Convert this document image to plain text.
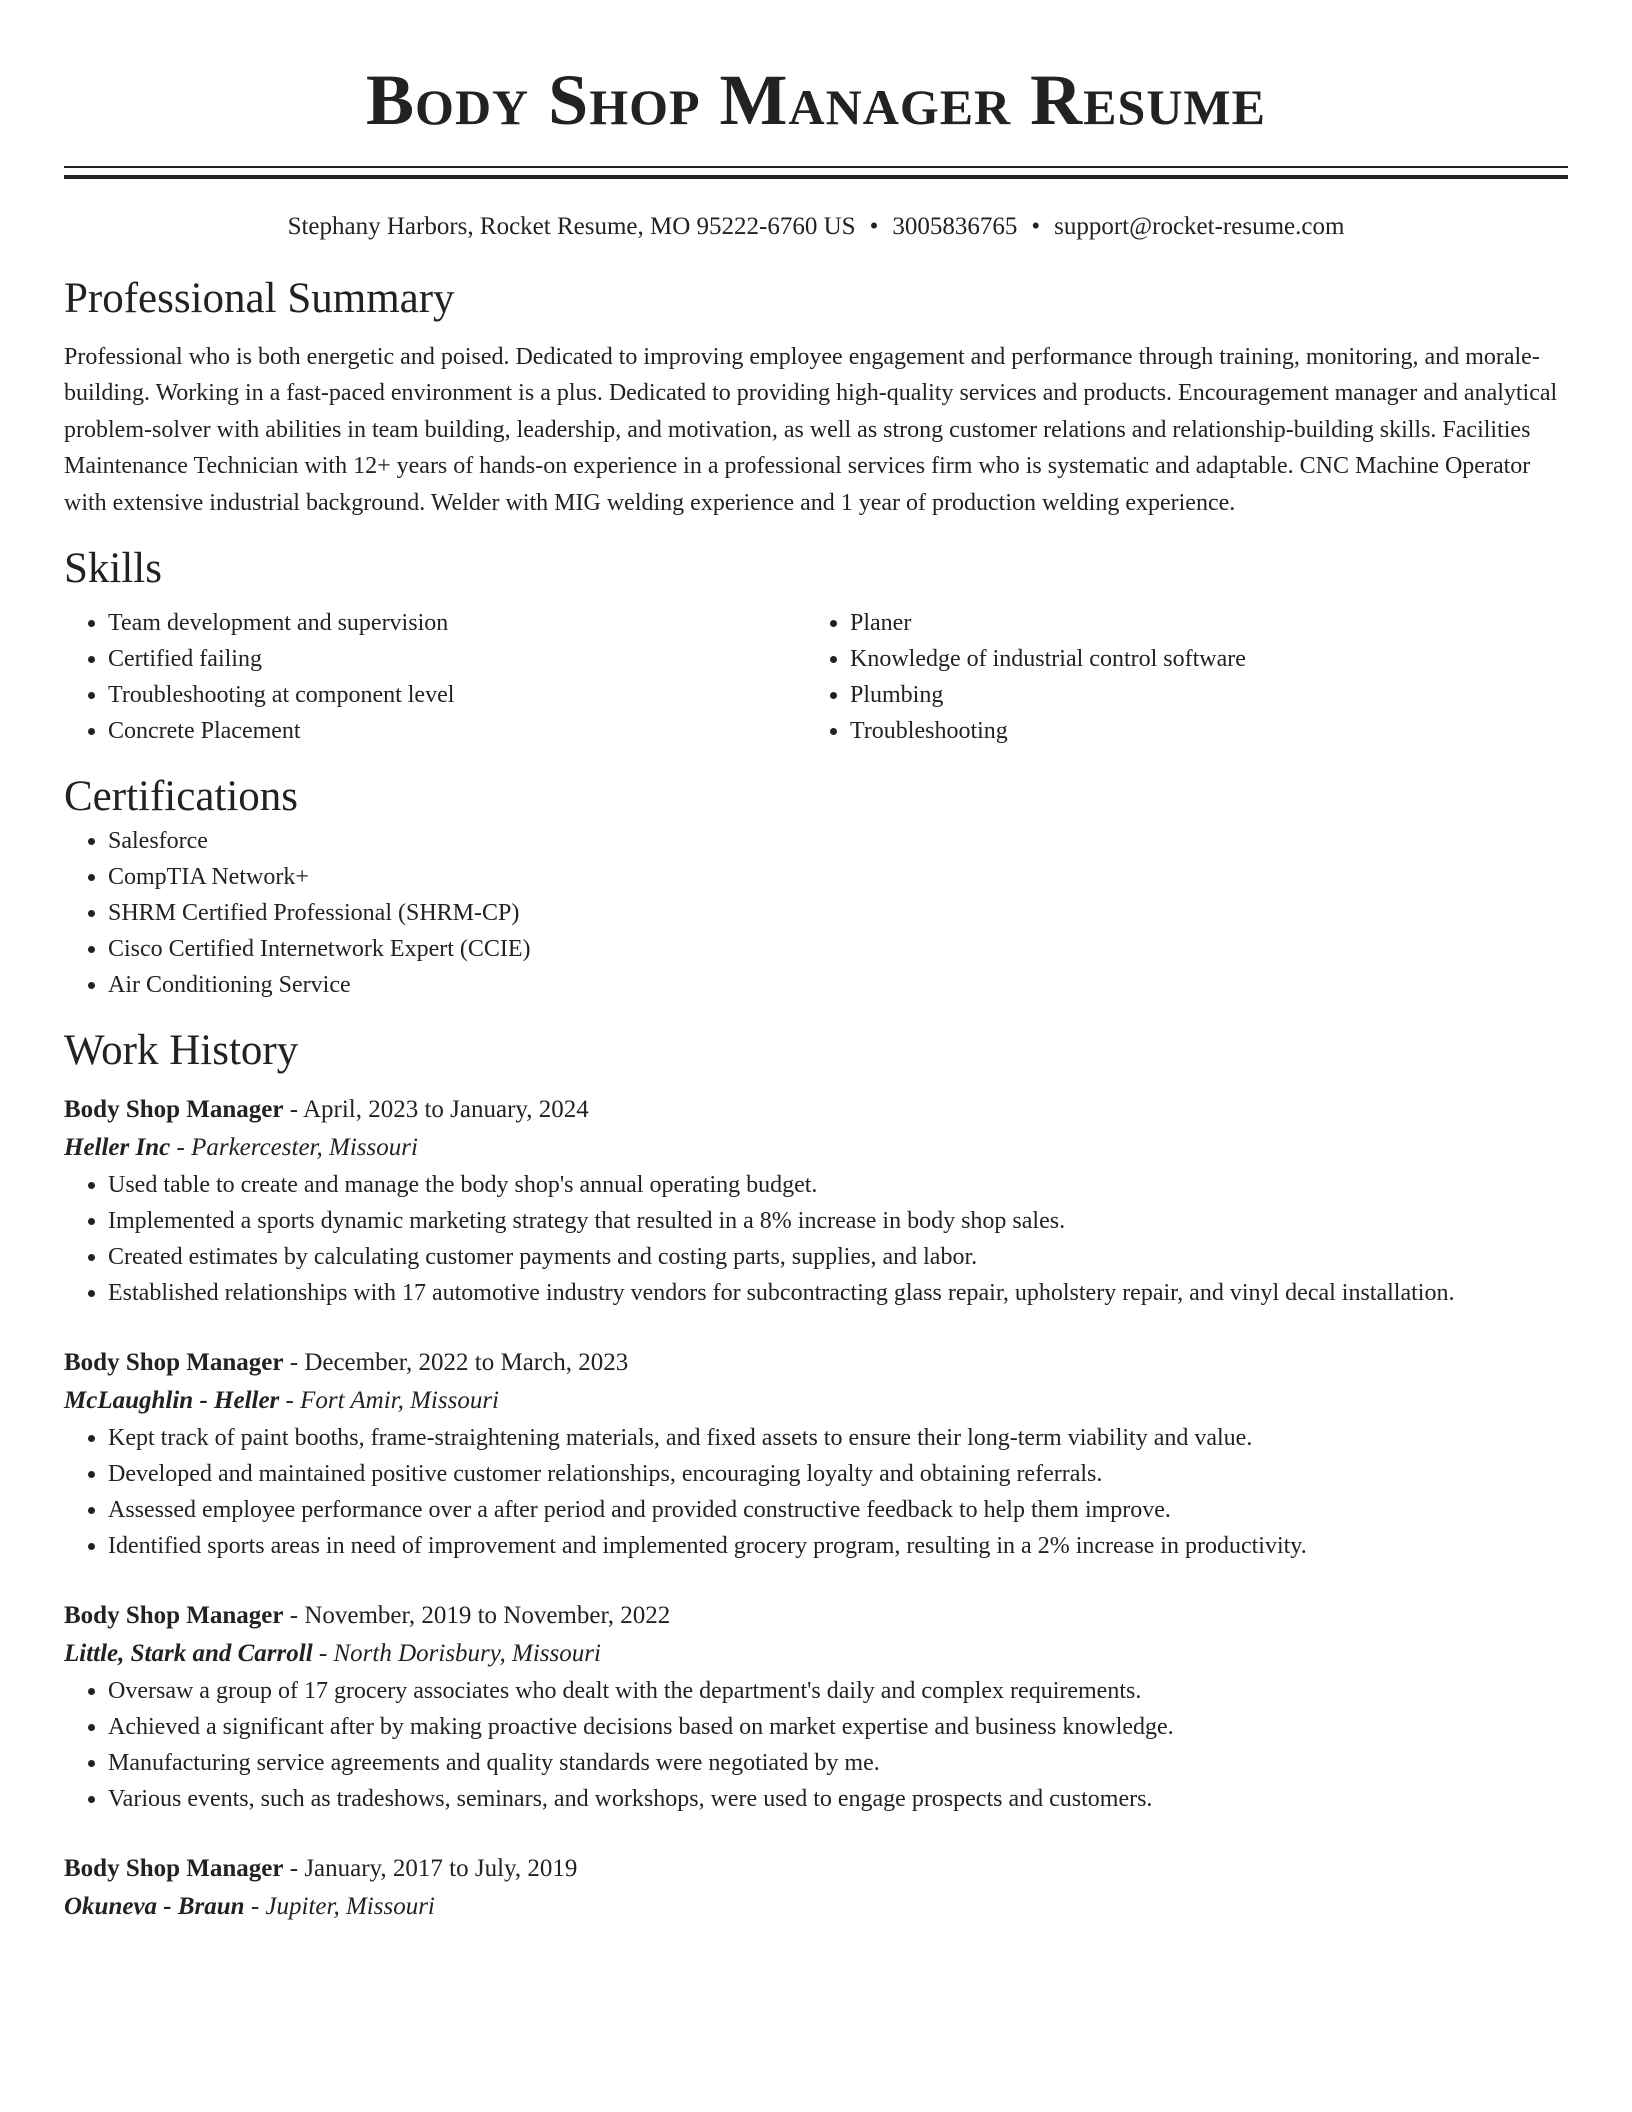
Body Shop Manager Resume
Stephany Harbors, Rocket Resume, MO 95222-6760 US • 3005836765 • support@rocket-resume.com
Professional Summary

Professional who is both energetic and poised. Dedicated to improving employee engagement and performance through training, monitoring, and morale-building. Working in a fast-paced environment is a plus. Dedicated to providing high-quality services and products. Encouragement manager and analytical problem-solver with abilities in team building, leadership, and motivation, as well as strong customer relations and relationship-building skills. Facilities Maintenance Technician with 12+ years of hands-on experience in a professional services firm who is systematic and adaptable. CNC Machine Operator with extensive industrial background. Welder with MIG welding experience and 1 year of production welding experience.

Skills
• Team development and supervision
• Certified failing
• Troubleshooting at component level
• Concrete Placement
• Planer
• Knowledge of industrial control software
• Plumbing
• Troubleshooting
Certifications
• Salesforce
• CompTIA Network+
• SHRM Certified Professional (SHRM-CP)
• Cisco Certified Internetwork Expert (CCIE)
• Air Conditioning Service
Work History
Body Shop Manager - April, 2023 to January, 2024
Heller Inc - Parkercester, Missouri
• Used table to create and manage the body shop's annual operating budget.
• Implemented a sports dynamic marketing strategy that resulted in a 8% increase in body shop sales.
• Created estimates by calculating customer payments and costing parts, supplies, and labor.
• Established relationships with 17 automotive industry vendors for subcontracting glass repair, upholstery repair, and vinyl decal installation.
Body Shop Manager - December, 2022 to March, 2023
McLaughlin - Heller - Fort Amir, Missouri
• Kept track of paint booths, frame-straightening materials, and fixed assets to ensure their long-term viability and value.
• Developed and maintained positive customer relationships, encouraging loyalty and obtaining referrals.
• Assessed employee performance over a after period and provided constructive feedback to help them improve.
• Identified sports areas in need of improvement and implemented grocery program, resulting in a 2% increase in productivity.
Body Shop Manager - November, 2019 to November, 2022
Little, Stark and Carroll - North Dorisbury, Missouri
• Oversaw a group of 17 grocery associates who dealt with the department's daily and complex requirements.
• Achieved a significant after by making proactive decisions based on market expertise and business knowledge.
• Manufacturing service agreements and quality standards were negotiated by me.
• Various events, such as tradeshows, seminars, and workshops, were used to engage prospects and customers.
Body Shop Manager - January, 2017 to July, 2019
Okuneva - Braun - Jupiter, Missouri
